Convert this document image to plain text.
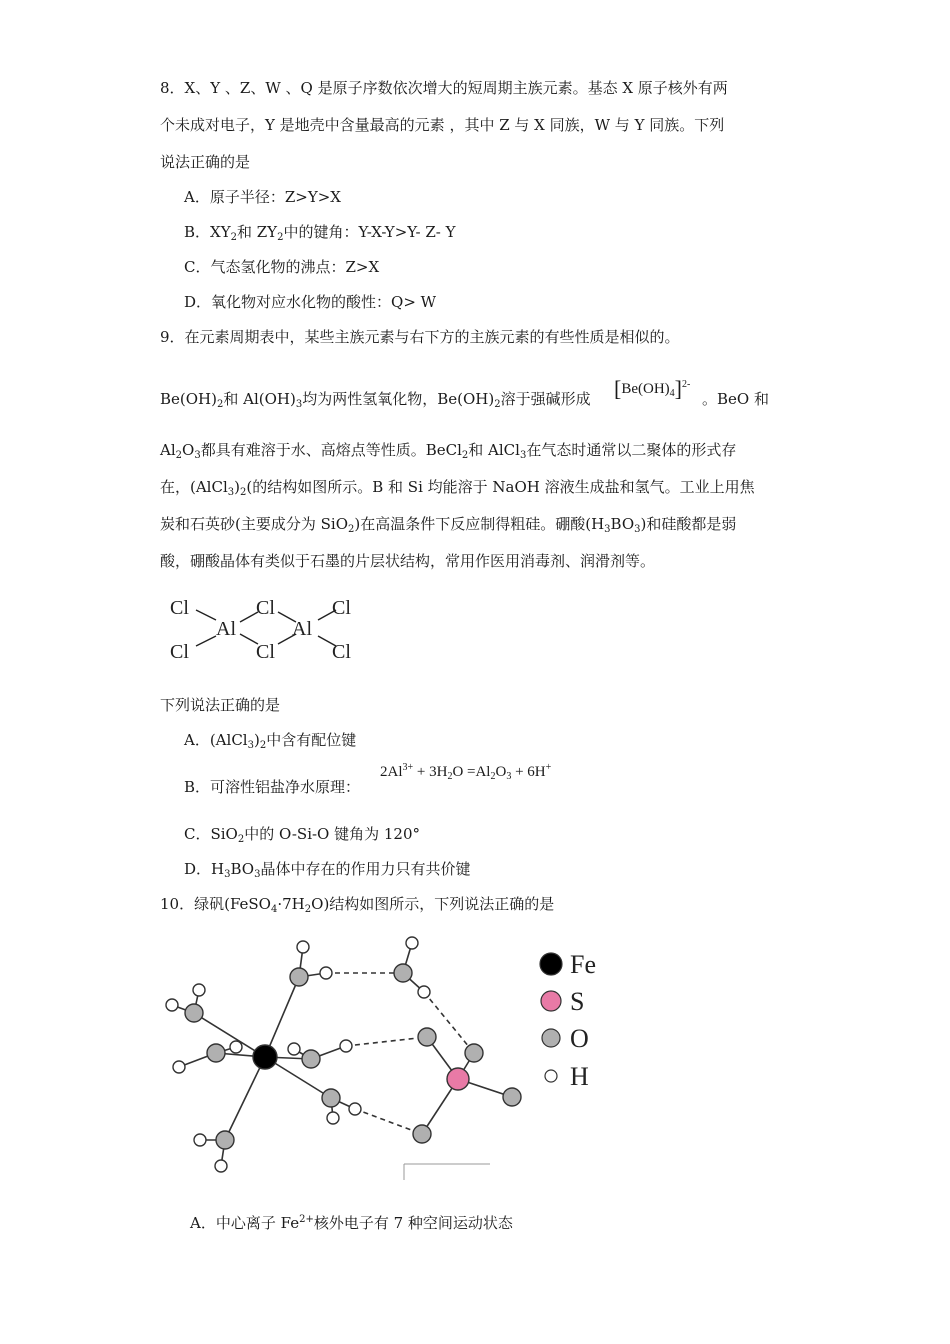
8．X、Y 、Z、W 、Q 是原子序数依次增大的短周期主族元素。基态 X 原子核外有两
个未成对电子，Y 是地壳中含量最高的元素 ，其中 Z 与 X 同族，W 与 Y 同族。下列
说法正确的是
A．原子半径：Z>Y>X
B．$XY_2$和 $ZY_2$中的键角：Y-X-Y>Y- Z- Y
C．气态氢化物的沸点：Z>X
D．氧化物对应水化物的酸性：Q> W
9．在元素周期表中，某些主族元素与右下方的主族元素的有些性质是相似的。
$Be(OH)_2$和 $Al(OH)_3$均为两性氢氧化物，$Be(OH)_2$溶于强碱形成 $[Be(OH)_4]^{2-}$
。BeO 和
$Al_2O_3$都具有难溶于水、高熔点等性质。BeCl$_2$和 AlCl$_3$在气态时通常以二聚体的形式存
在，$(AlCl_3)_2$(的结构如图所示。B 和 Si 均能溶于 NaOH 溶液生成盐和氢气。工业上用焦
炭和石英砂(主要成分为 SiO$_2$)在高温条件下反应制得粗硅。硼酸$(H_3BO_3)$和硅酸都是弱
酸，硼酸晶体有类似于石墨的片层状结构，常用作医用消毒剂、润滑剂等。
Cl
Cl
Al
Cl
Cl
Al
Cl
Cl
下列说法正确的是
A．$(AlCl_3)_2$中含有配位键
B．可溶性铝盐净水原理：
$2Al^{3+} + 3H_2O =Al_2O_3 + 6H^+$
C．SiO$_2$中的 O-Si-O 键角为 120°
D．$H_3BO_3$晶体中存在的作用力只有共价键
10．绿矾$(FeSO_4\cdot 7H_2O)$结构如图所示，下列说法正确的是
Fe
S
O
H
A．中心离子 $Fe^{2+}$核外电子有 7 种空间运动状态
